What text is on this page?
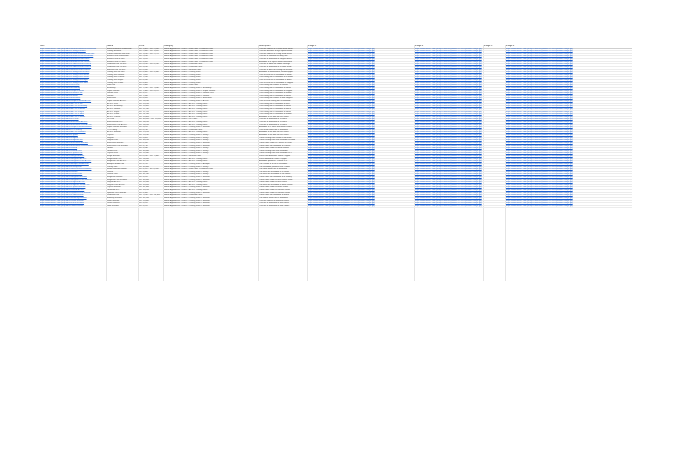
URL	Name	Price	Category	Description	Image 1	Image 2	Image 3	Image 4
https://www.ellisrs.com.pk/product/Brand-Industrial-Wholesale	Brand Industrial Wholesale	Rs. 1,465 – Rs. 2,100	Home Appliances > Fans > Wall Fans > Exhaust Fans	This fan comes in a sleek white finish	https://www.ellisrs.com.pk/wp-content/uploads/2023/05/product-image.jpg	https://www.ellisrs.com.pk/wp-content/uploads/2023/05/product-image.jpg	https://www.ellisrs.com.pk/wp-content/uploads/2023/05/product-image.jpg
https://www.ellisrs.com.pk/product/Ceiling-Exhaust	Ceiling Exhaust	Rs. 2,480 – Rs. 3,020	Home Appliances > Fans > Wall Fans > Exhaust Fans	This fan features a high speed motor	https://www.ellisrs.com.pk/wp-content/uploads/2023/05/product-image.jpg	https://www.ellisrs.com.pk/wp-content/uploads/2023/05/product-image.jpg	https://www.ellisrs.com.pk/wp-content/uploads/2023/05/product-image.jpg
https://www.ellisrs.com.pk/product/Plastic-Exhaust-Wall-Fan	Plastic Exhaust Wall Fan	Rs. 1,810 – Rs. 2,175	Home Appliances > Fans > Wall Fans > Exhaust Fans	This fan comes in a long white finish	https://www.ellisrs.com.pk/wp-content/uploads/2023/05/product-image.jpg	https://www.ellisrs.com.pk/wp-content/uploads/2023/05/product-image.jpg	https://www.ellisrs.com.pk/wp-content/uploads/2023/05/product-image.jpg
https://www.ellisrs.com.pk/product/Exhaust-Fan-Wholesale	Exhaust Fan Wholesale	Rs. 2,810	Home Appliances > Fans > Wall Fans > Exhaust Fans	This fan is suitable for daily use	https://www.ellisrs.com.pk/wp-content/uploads/2023/05/product-image.jpg	https://www.ellisrs.com.pk/wp-content/uploads/2023/05/product-image.jpg	https://www.ellisrs.com.pk/wp-content/uploads/2023/05/product-image.jpg
https://www.ellisrs.com.pk/product/Exhaust-Fan-6-inch	Exhaust Fan 6 inch	Rs. 1,870	Home Appliances > Fans > Wall Fans > Exhaust Fans	This fan is available in elegant black	https://www.ellisrs.com.pk/wp-content/uploads/2023/05/product-image.jpg	https://www.ellisrs.com.pk/wp-content/uploads/2023/05/product-image.jpg	https://www.ellisrs.com.pk/wp-content/uploads/2023/05/product-image.jpg
https://www.ellisrs.com.pk/product/Exhaust-Fan-10-inch	Exhaust Fan 10 inch	Rs. 4,445	Home Appliances > Fans > Wall Fans > Exhaust Fans	Available in a stylish white and black	https://www.ellisrs.com.pk/wp-content/uploads/2023/05/product-image.jpg	https://www.ellisrs.com.pk/wp-content/uploads/2023/05/product-image.jpg	https://www.ellisrs.com.pk/wp-content/uploads/2023/05/product-image.jpg
https://www.ellisrs.com.pk/product/Pedestal-Fan-18-inch	Pedestal Fan 18 inch	Rs. 6,810 – Rs. 8,780	Home Appliances > Fans > Pedestal Fans	This fan is ideal for indoor settings	https://www.ellisrs.com.pk/wp-content/uploads/2023/05/product-image.jpg	https://www.ellisrs.com.pk/wp-content/uploads/2023/05/product-image.jpg	https://www.ellisrs.com.pk/wp-content/uploads/2023/05/product-image.jpg
https://www.ellisrs.com.pk/product/Pedestal-Fan-24-inch	Pedestal Fan 24 inch	Rs. 9,810	Home Appliances > Fans > Pedestal Fans	This fan is available in a sleek white	https://www.ellisrs.com.pk/wp-content/uploads/2023/05/product-image.jpg	https://www.ellisrs.com.pk/wp-content/uploads/2023/05/product-image.jpg	https://www.ellisrs.com.pk/wp-content/uploads/2023/05/product-image.jpg
https://www.ellisrs.com.pk/product/Bracket-Fan-18-inch	Bracket Fan 18 inch	Rs. 6,450	Home Appliances > Fans > Bracket Fans	This fan is best for ceiling fan installs	https://www.ellisrs.com.pk/wp-content/uploads/2023/05/product-image.jpg	https://www.ellisrs.com.pk/wp-content/uploads/2023/05/product-image.jpg	https://www.ellisrs.com.pk/wp-content/uploads/2023/05/product-image.jpg
https://www.ellisrs.com.pk/product/Ceiling-Fan-56-inch	Ceiling Fan 56 inch	Rs. 8,960 – Rs. 9,390	Home Appliances > Fans > Ceiling Fans	Available in white/black, white/copper	https://www.ellisrs.com.pk/wp-content/uploads/2023/05/product-image.jpg	https://www.ellisrs.com.pk/wp-content/uploads/2023/05/product-image.jpg	https://www.ellisrs.com.pk/wp-content/uploads/2023/05/product-image.jpg
https://www.ellisrs.com.pk/product/Ceiling-Fan-Deluxe	Ceiling Fan Deluxe	Rs. 7,820	Home Appliances > Fans > Ceiling Fans	This 36 inch fan is available in white	https://www.ellisrs.com.pk/wp-content/uploads/2023/05/product-image.jpg	https://www.ellisrs.com.pk/wp-content/uploads/2023/05/product-image.jpg	https://www.ellisrs.com.pk/wp-content/uploads/2023/05/product-image.jpg
https://www.ellisrs.com.pk/product/Ceiling-Fan-Classic	Ceiling Fan Classic	Rs. 7,310	Home Appliances > Fans > Ceiling Fans	This ceiling fan is available in a wood	https://www.ellisrs.com.pk/wp-content/uploads/2023/05/product-image.jpg	https://www.ellisrs.com.pk/wp-content/uploads/2023/05/product-image.jpg	https://www.ellisrs.com.pk/wp-content/uploads/2023/05/product-image.jpg
https://www.ellisrs.com.pk/product/Ceiling-Fan-Royal	Ceiling Fan Royal	Rs. 8,240	Home Appliances > Fans > Ceiling Fans	This 56 inch fan is available in black	https://www.ellisrs.com.pk/wp-content/uploads/2023/05/product-image.jpg	https://www.ellisrs.com.pk/wp-content/uploads/2023/05/product-image.jpg	https://www.ellisrs.com.pk/wp-content/uploads/2023/05/product-image.jpg
https://www.ellisrs.com.pk/product/Ceiling-Fan-Prime	Ceiling Fan Prime	Rs. 8,485	Home Appliances > Fans > Ceiling Fans	This 56 inch fan is available in copper	https://www.ellisrs.com.pk/wp-content/uploads/2023/05/product-image.jpg	https://www.ellisrs.com.pk/wp-content/uploads/2023/05/product-image.jpg	https://www.ellisrs.com.pk/wp-content/uploads/2023/05/product-image.jpg
https://www.ellisrs.com.pk/product/Wall-Fan	Wall Fan	Rs. 5,960	Home Appliances > Fans > Wall Fans	This ceiling fan comes in classic	https://www.ellisrs.com.pk/wp-content/uploads/2023/05/product-image.jpg	https://www.ellisrs.com.pk/wp-content/uploads/2023/05/product-image.jpg	https://www.ellisrs.com.pk/wp-content/uploads/2023/05/product-image.jpg
https://www.ellisrs.com.pk/product/Economy	Economy	Rs. 7,310 – Rs. 7,830	Home Appliances > Fans > Ceiling Fans > Economy	This ceiling fan is available in white	https://www.ellisrs.com.pk/wp-content/uploads/2023/05/product-image.jpg	https://www.ellisrs.com.pk/wp-content/uploads/2023/05/product-image.jpg	https://www.ellisrs.com.pk/wp-content/uploads/2023/05/product-image.jpg
https://www.ellisrs.com.pk/product/Super-Deluxe	Super Deluxe	Rs. 7,360 – Rs. 8,011	Home Appliances > Fans > Ceiling Fans > Super Deluxe	This ceiling fan is available in copper	https://www.ellisrs.com.pk/wp-content/uploads/2023/05/product-image.jpg	https://www.ellisrs.com.pk/wp-content/uploads/2023/05/product-image.jpg	https://www.ellisrs.com.pk/wp-content/uploads/2023/05/product-image.jpg
https://www.ellisrs.com.pk/product/Deluxe-Plus	Deluxe Plus	Rs. 9,111	Home Appliances > Fans > Ceiling Fans > Deluxe Plus	This ceiling fan is available in brown	https://www.ellisrs.com.pk/wp-content/uploads/2023/05/product-image.jpg	https://www.ellisrs.com.pk/wp-content/uploads/2023/05/product-image.jpg	https://www.ellisrs.com.pk/wp-content/uploads/2023/05/product-image.jpg
https://www.ellisrs.com.pk/product/Deluxe	Deluxe	Rs. 7,590	Home Appliances > Fans > Ceiling Fans > Deluxe	This ceiling fan is available in white	https://www.ellisrs.com.pk/wp-content/uploads/2023/05/product-image.jpg	https://www.ellisrs.com.pk/wp-content/uploads/2023/05/product-image.jpg	https://www.ellisrs.com.pk/wp-content/uploads/2023/05/product-image.jpg
https://www.ellisrs.com.pk/product/Executive	Executive	Rs. 8,420	Home Appliances > Fans > Ceiling Fans > Executive	This ceiling fan comes in two elegant	https://www.ellisrs.com.pk/wp-content/uploads/2023/05/product-image.jpg	https://www.ellisrs.com.pk/wp-content/uploads/2023/05/product-image.jpg	https://www.ellisrs.com.pk/wp-content/uploads/2023/05/product-image.jpg
https://www.ellisrs.com.pk/product/Super-Deluxe-AC-DC	Super Deluxe AC/DC	Rs. 13,630	Home Appliances > Fans > Ceiling Fans > AC/DC	This 56 inch ceiling fan is available	https://www.ellisrs.com.pk/wp-content/uploads/2023/05/product-image.jpg	https://www.ellisrs.com.pk/wp-content/uploads/2023/05/product-image.jpg	https://www.ellisrs.com.pk/wp-content/uploads/2023/05/product-image.jpg
https://www.ellisrs.com.pk/product/AC-DC-Plus	AC/DC Plus	Rs. 12,010	Home Appliances > Fans > AC/DC Ceiling Fans	This ceiling fan is available in four	https://www.ellisrs.com.pk/wp-content/uploads/2023/05/product-image.jpg	https://www.ellisrs.com.pk/wp-content/uploads/2023/05/product-image.jpg	https://www.ellisrs.com.pk/wp-content/uploads/2023/05/product-image.jpg
https://www.ellisrs.com.pk/product/AC-DC-Economy	AC/DC Economy	Rs. 11,445	Home Appliances > Fans > AC/DC Ceiling Fans	This ceiling fan is available in white	https://www.ellisrs.com.pk/wp-content/uploads/2023/05/product-image.jpg	https://www.ellisrs.com.pk/wp-content/uploads/2023/05/product-image.jpg	https://www.ellisrs.com.pk/wp-content/uploads/2023/05/product-image.jpg
https://www.ellisrs.com.pk/product/AC-DC-Deluxe	AC/DC Deluxe	Rs. 12,110	Home Appliances > Fans > AC/DC Ceiling Fans	This ceiling fan is available in black	https://www.ellisrs.com.pk/wp-content/uploads/2023/05/product-image.jpg	https://www.ellisrs.com.pk/wp-content/uploads/2023/05/product-image.jpg	https://www.ellisrs.com.pk/wp-content/uploads/2023/05/product-image.jpg
https://www.ellisrs.com.pk/product/AC-DC-Royal	AC/DC Royal	Rs. 12,720	Home Appliances > Fans > AC/DC Ceiling Fans	This ceiling fan is available in white	https://www.ellisrs.com.pk/wp-content/uploads/2023/05/product-image.jpg	https://www.ellisrs.com.pk/wp-content/uploads/2023/05/product-image.jpg	https://www.ellisrs.com.pk/wp-content/uploads/2023/05/product-image.jpg
https://www.ellisrs.com.pk/product/AC-DC-Prime	AC/DC Prime	Rs. 13,130	Home Appliances > Fans > AC/DC Ceiling Fans	This ceiling fan is available in brown	https://www.ellisrs.com.pk/wp-content/uploads/2023/05/product-image.jpg	https://www.ellisrs.com.pk/wp-content/uploads/2023/05/product-image.jpg	https://www.ellisrs.com.pk/wp-content/uploads/2023/05/product-image.jpg
https://www.ellisrs.com.pk/product/AC-DC-Classic	AC/DC Classic	Rs. 12,600	Home Appliances > Fans > AC/DC Ceiling Fans	Available in 56 and 48 inch sizes	https://www.ellisrs.com.pk/wp-content/uploads/2023/05/product-image.jpg	https://www.ellisrs.com.pk/wp-content/uploads/2023/05/product-image.jpg	https://www.ellisrs.com.pk/wp-content/uploads/2023/05/product-image.jpg
https://www.ellisrs.com.pk/product/DC-Fan	DC Fan	Rs. 10,450 – Rs. 11,820	Home Appliances > Fans > DC Fans	This fan is available in 3 colors	https://www.ellisrs.com.pk/wp-content/uploads/2023/05/product-image.jpg	https://www.ellisrs.com.pk/wp-content/uploads/2023/05/product-image.jpg	https://www.ellisrs.com.pk/wp-content/uploads/2023/05/product-image.jpg
https://www.ellisrs.com.pk/product/Executive-AC-DC	Executive AC/DC	Rs. 14,010	Home Appliances > Fans > AC/DC Ceiling Fans	This fan is available in 3 colors	https://www.ellisrs.com.pk/wp-content/uploads/2023/05/product-image.jpg	https://www.ellisrs.com.pk/wp-content/uploads/2023/05/product-image.jpg	https://www.ellisrs.com.pk/wp-content/uploads/2023/05/product-image.jpg
https://www.ellisrs.com.pk/product/Executive-Plus-AC-DC	Executive Plus AC/DC	Rs. 14,810	Home Appliances > Fans > AC/DC Ceiling Fans	This fan is available in 3 colors	https://www.ellisrs.com.pk/wp-content/uploads/2023/05/product-image.jpg	https://www.ellisrs.com.pk/wp-content/uploads/2023/05/product-image.jpg	https://www.ellisrs.com.pk/wp-content/uploads/2023/05/product-image.jpg
https://www.ellisrs.com.pk/product/Super-Deluxe-Inverter	Super Deluxe Inverter	Rs. 9,670	Home Appliances > Fans > Ceiling Fans > Inverter	Available in 2 sizes and white colors	https://www.ellisrs.com.pk/wp-content/uploads/2023/05/product-image.jpg	https://www.ellisrs.com.pk/wp-content/uploads/2023/05/product-image.jpg	https://www.ellisrs.com.pk/wp-content/uploads/2023/05/product-image.jpg
https://www.ellisrs.com.pk/product/TCP-Fancy	TCP Fancy	Rs. 8,210	Home Appliances > Fans > Pedestal Fans	This White Mark fan is available	https://www.ellisrs.com.pk/wp-content/uploads/2023/05/product-image.jpg	https://www.ellisrs.com.pk/wp-content/uploads/2023/05/product-image.jpg	https://www.ellisrs.com.pk/wp-content/uploads/2023/05/product-image.jpg
https://www.ellisrs.com.pk/product/AC-DC-Inverter	AC/DC Inverter	Rs. 17,870	Home Appliances > Fans > AC/DC Ceiling Fans	Available in 48 and 56 inch sizes	https://www.ellisrs.com.pk/wp-content/uploads/2023/05/product-image.jpg	https://www.ellisrs.com.pk/wp-content/uploads/2023/05/product-image.jpg	https://www.ellisrs.com.pk/wp-content/uploads/2023/05/product-image.jpg
https://www.ellisrs.com.pk/product/Crystal	Crystal	Rs. 11,010	Home Appliances > Fans > Ceiling Fans > Fancy	Available in 48 and 56 inch sizes	https://www.ellisrs.com.pk/wp-content/uploads/2023/05/product-image.jpg	https://www.ellisrs.com.pk/wp-content/uploads/2023/05/product-image.jpg	https://www.ellisrs.com.pk/wp-content/uploads/2023/05/product-image.jpg
https://www.ellisrs.com.pk/product/Regent	Regent	Rs. 9,845	Home Appliances > Fans > Ceiling Fans > Fancy	These ceiling fans come in off-white	https://www.ellisrs.com.pk/wp-content/uploads/2023/05/product-image.jpg	https://www.ellisrs.com.pk/wp-content/uploads/2023/05/product-image.jpg	https://www.ellisrs.com.pk/wp-content/uploads/2023/05/product-image.jpg
https://www.ellisrs.com.pk/product/Regent-Plus	Regent Plus	Rs. 10,010	Home Appliances > Fans > Ceiling Fans > Fancy	These ceiling fans are available in white	https://www.ellisrs.com.pk/wp-content/uploads/2023/05/product-image.jpg	https://www.ellisrs.com.pk/wp-content/uploads/2023/05/product-image.jpg	https://www.ellisrs.com.pk/wp-content/uploads/2023/05/product-image.jpg
https://www.ellisrs.com.pk/product/Executive-Inverter	Executive Inverter	Rs. 8,160	Home Appliances > Fans > Ceiling Fans > Inverter	These fans come in Classic & Lunar	https://www.ellisrs.com.pk/wp-content/uploads/2023/05/product-image.jpg	https://www.ellisrs.com.pk/wp-content/uploads/2023/05/product-image.jpg	https://www.ellisrs.com.pk/wp-content/uploads/2023/05/product-image.jpg
https://www.ellisrs.com.pk/product/Executive-Plus-Inverter	Executive Plus Inverter	Rs. 9,710	Home Appliances > Fans > Ceiling Fans > Inverter	These fans are available in Classic	https://www.ellisrs.com.pk/wp-content/uploads/2023/05/product-image.jpg	https://www.ellisrs.com.pk/wp-content/uploads/2023/05/product-image.jpg	https://www.ellisrs.com.pk/wp-content/uploads/2023/05/product-image.jpg
https://www.ellisrs.com.pk/product/Grand	Grand	Rs. 9,930	Home Appliances > Fans > Ceiling Fans > Fancy	These fans come in Metal Sheen	https://www.ellisrs.com.pk/wp-content/uploads/2023/05/product-image.jpg	https://www.ellisrs.com.pk/wp-content/uploads/2023/05/product-image.jpg	https://www.ellisrs.com.pk/wp-content/uploads/2023/05/product-image.jpg
https://www.ellisrs.com.pk/product/Grand-Plus	Grand Plus	Rs. 10,440	Home Appliances > Fans > Ceiling Fans > Fancy	These ceiling fans are available	https://www.ellisrs.com.pk/wp-content/uploads/2023/05/product-image.jpg	https://www.ellisrs.com.pk/wp-content/uploads/2023/05/product-image.jpg	https://www.ellisrs.com.pk/wp-content/uploads/2023/05/product-image.jpg
https://www.ellisrs.com.pk/product/Crystal-Plus	Crystal Plus	Rs. 11,590	Home Appliances > Fans > Ceiling Fans > Fancy	These ceiling fans are available in 3	https://www.ellisrs.com.pk/wp-content/uploads/2023/05/product-image.jpg	https://www.ellisrs.com.pk/wp-content/uploads/2023/05/product-image.jpg	https://www.ellisrs.com.pk/wp-content/uploads/2023/05/product-image.jpg
https://www.ellisrs.com.pk/product/Mega-Bracket	Mega Bracket	Rs. 6,410 – Rs. 7,360	Home Appliances > Fans > Bracket Fans	Prices are Available. Black Copper	https://www.ellisrs.com.pk/wp-content/uploads/2023/05/product-image.jpg	https://www.ellisrs.com.pk/wp-content/uploads/2023/05/product-image.jpg	https://www.ellisrs.com.pk/wp-content/uploads/2023/05/product-image.jpg
https://www.ellisrs.com.pk/product/Magnum-AC-DC	Magnum AC/DC	Rs. 14,890	Home Appliances > Fans > AC/DC Ceiling Fans	Prices Available: Black Copper	https://www.ellisrs.com.pk/wp-content/uploads/2023/05/product-image.jpg	https://www.ellisrs.com.pk/wp-content/uploads/2023/05/product-image.jpg	https://www.ellisrs.com.pk/wp-content/uploads/2023/05/product-image.jpg
https://www.ellisrs.com.pk/product/Magnum-Plus-AC-DC	Magnum Plus AC/DC	Rs. 15,110	Home Appliances > Fans > AC/DC Ceiling Fans	Available products: Cream S.S.	https://www.ellisrs.com.pk/wp-content/uploads/2023/05/product-image.jpg	https://www.ellisrs.com.pk/wp-content/uploads/2023/05/product-image.jpg	https://www.ellisrs.com.pk/wp-content/uploads/2023/05/product-image.jpg
https://www.ellisrs.com.pk/product/Antique-Model-Fan	Antique Model Fan	Rs. 9,720	Home Appliances > Fans > Ceiling Fans > Antique	The Cream S.S fan is available	https://www.ellisrs.com.pk/wp-content/uploads/2023/05/product-image.jpg	https://www.ellisrs.com.pk/wp-content/uploads/2023/05/product-image.jpg	https://www.ellisrs.com.pk/wp-content/uploads/2023/05/product-image.jpg
https://www.ellisrs.com.pk/product/Luxury-Fan	Luxury Fan	Rs. 10,480	Home Appliances > Fans > Ceiling Fans > Fancy	The available products are Cream	https://www.ellisrs.com.pk/wp-content/uploads/2023/05/product-image.jpg	https://www.ellisrs.com.pk/wp-content/uploads/2023/05/product-image.jpg	https://www.ellisrs.com.pk/wp-content/uploads/2023/05/product-image.jpg
https://www.ellisrs.com.pk/product/Metal-Exhaust-Blower	Metal Exhaust Blower	Rs. 4,110 – Rs. 6,260	Home Appliances > Fans > Wall Fans > Exhaust Fans	The New Silver fan is available	https://www.ellisrs.com.pk/wp-content/uploads/2023/05/product-image.jpg	https://www.ellisrs.com.pk/wp-content/uploads/2023/05/product-image.jpg	https://www.ellisrs.com.pk/wp-content/uploads/2023/05/product-image.jpg
https://www.ellisrs.com.pk/product/Venice	Venice	Rs. 9,660	Home Appliances > Fans > Ceiling Fans > Fancy	The fans are available in 3 colors	https://www.ellisrs.com.pk/wp-content/uploads/2023/05/product-image.jpg	https://www.ellisrs.com.pk/wp-content/uploads/2023/05/product-image.jpg	https://www.ellisrs.com.pk/wp-content/uploads/2023/05/product-image.jpg
https://www.ellisrs.com.pk/product/Venice-Plus	Venice Plus	Rs. 10,110	Home Appliances > Fans > Ceiling Fans > Fancy	The fans are available in six colors	https://www.ellisrs.com.pk/wp-content/uploads/2023/05/product-image.jpg	https://www.ellisrs.com.pk/wp-content/uploads/2023/05/product-image.jpg	https://www.ellisrs.com.pk/wp-content/uploads/2023/05/product-image.jpg
https://www.ellisrs.com.pk/product/Magnum-Inverter	Magnum Inverter	Rs. 9,470	Home Appliances > Fans > Ceiling Fans > Inverter	These fans are available in a variety	https://www.ellisrs.com.pk/wp-content/uploads/2023/05/product-image.jpg	https://www.ellisrs.com.pk/wp-content/uploads/2023/05/product-image.jpg	https://www.ellisrs.com.pk/wp-content/uploads/2023/05/product-image.jpg
https://www.ellisrs.com.pk/product/Magnum-Plus-Inverter	Magnum Plus Inverter	Rs. 10,490	Home Appliances > Fans > Ceiling Fans > Inverter	These fans come in four colors: Mink	https://www.ellisrs.com.pk/wp-content/uploads/2023/05/product-image.jpg	https://www.ellisrs.com.pk/wp-content/uploads/2023/05/product-image.jpg	https://www.ellisrs.com.pk/wp-content/uploads/2023/05/product-image.jpg
https://www.ellisrs.com.pk/product/Regent-AC-DC	Regent AC/DC	Rs. 15,280	Home Appliances > Fans > AC/DC Ceiling Fans	These fans come in four colors	https://www.ellisrs.com.pk/wp-content/uploads/2023/05/product-image.jpg	https://www.ellisrs.com.pk/wp-content/uploads/2023/05/product-image.jpg	https://www.ellisrs.com.pk/wp-content/uploads/2023/05/product-image.jpg
https://www.ellisrs.com.pk/product/Regent-Plus-AC-DC	Regent Plus AC/DC	Rs. 15,650	Home Appliances > Fans > AC/DC Ceiling Fans	The fans are available in three colors	https://www.ellisrs.com.pk/wp-content/uploads/2023/05/product-image.jpg	https://www.ellisrs.com.pk/wp-content/uploads/2023/05/product-image.jpg	https://www.ellisrs.com.pk/wp-content/uploads/2023/05/product-image.jpg
https://www.ellisrs.com.pk/product/Crystal-Inverter	Crystal Inverter	Rs. 10,180	Home Appliances > Fans > Ceiling Fans > Inverter	These fans come in Black Silver	https://www.ellisrs.com.pk/wp-content/uploads/2023/05/product-image.jpg	https://www.ellisrs.com.pk/wp-content/uploads/2023/05/product-image.jpg	https://www.ellisrs.com.pk/wp-content/uploads/2023/05/product-image.jpg
https://www.ellisrs.com.pk/product/Grand-AC-DC	Grand AC/DC	Rs. 15,870	Home Appliances > Fans > AC/DC Ceiling Fans	These fans come in various colors	https://www.ellisrs.com.pk/wp-content/uploads/2023/05/product-image.jpg	https://www.ellisrs.com.pk/wp-content/uploads/2023/05/product-image.jpg	https://www.ellisrs.com.pk/wp-content/uploads/2023/05/product-image.jpg
https://www.ellisrs.com.pk/product/Sprinter-Plus-Inverter	Sprinter Plus Inverter	Rs. 9,500	Home Appliances > Fans > Ceiling Fans > Inverter	These fans come in various colors	https://www.ellisrs.com.pk/wp-content/uploads/2023/05/product-image.jpg	https://www.ellisrs.com.pk/wp-content/uploads/2023/05/product-image.jpg	https://www.ellisrs.com.pk/wp-content/uploads/2023/05/product-image.jpg
https://www.ellisrs.com.pk/product/Pedestal-Fan	Pedestal Fan	Rs. 7,410 – Rs. 10,100	Home Appliances > Fans > Pedestal Fans	These fans are available in Black	https://www.ellisrs.com.pk/wp-content/uploads/2023/05/product-image.jpg	https://www.ellisrs.com.pk/wp-content/uploads/2023/05/product-image.jpg	https://www.ellisrs.com.pk/wp-content/uploads/2023/05/product-image.jpg
https://www.ellisrs.com.pk/product/Butterfly-Inverter	Butterfly Inverter	Rs. 10,310	Home Appliances > Fans > Ceiling Fans > Inverter	The Black Silver fan is available	https://www.ellisrs.com.pk/wp-content/uploads/2023/05/product-image.jpg	https://www.ellisrs.com.pk/wp-content/uploads/2023/05/product-image.jpg	https://www.ellisrs.com.pk/wp-content/uploads/2023/05/product-image.jpg
https://www.ellisrs.com.pk/product/Solar-Inverter	Solar Inverter	Rs. 11,600	Home Appliances > Fans > Ceiling Fans > Inverter	This fan comes in different colors	https://www.ellisrs.com.pk/wp-content/uploads/2023/05/product-image.jpg	https://www.ellisrs.com.pk/wp-content/uploads/2023/05/product-image.jpg	https://www.ellisrs.com.pk/wp-content/uploads/2023/05/product-image.jpg
https://www.ellisrs.com.pk/product/Lotus-Inverter	Lotus Inverter	Rs. 9,470	Home Appliances > Fans > Ceiling Fans > Inverter	This fan is available in two colors	https://www.ellisrs.com.pk/wp-content/uploads/2023/05/product-image.jpg	https://www.ellisrs.com.pk/wp-content/uploads/2023/05/product-image.jpg	https://www.ellisrs.com.pk/wp-content/uploads/2023/05/product-image.jpg
https://www.ellisrs.com.pk/product/Jade-Inverter	Jade Inverter	Rs. 9,470	Home Appliances > Fans > Ceiling Fans > Inverter	This fan is available in four colors	https://www.ellisrs.com.pk/wp-content/uploads/2023/05/product-image.jpg	https://www.ellisrs.com.pk/wp-content/uploads/2023/05/product-image.jpg	https://www.ellisrs.com.pk/wp-content/uploads/2023/05/product-image.jpg
